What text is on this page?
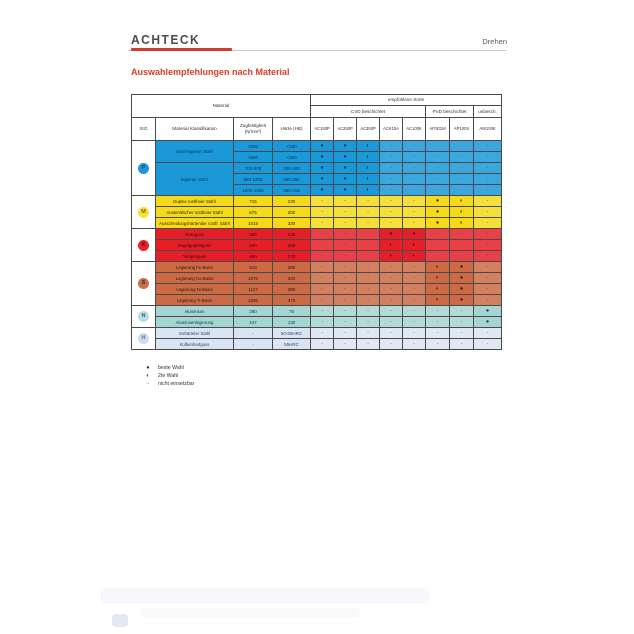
ACHTECK	Drehen
Auswahlempfehlungen nach Material
Material				empfohlene Sorte							
				CVD beschichtet					PVD beschichtet		unbesch.
ISO	Material Klassifikation	Zugfestigkeit (N/mm²)	Härte (HB)	AC150P	AC250P	AC350P	ACK15A	AC100K	AP301M	AP100S	AW100K
P	nicht legierter Stahl	<500	<180	●	●	◐	-	-	-	-	-
		<850	<250	●	●	◐	-	-	-	-	-
	legierter Stahl	700-900	200-300	●	●	◐	-	-	-	-	-
		850-1200	250-350	●	●	◐	-	-	-	-	-
		1200-1400	350-415	●	●	◐	-	-	-	-	-
M	Duplex rostfreier Stahl	715	230	-	-	-	-	-	●	◐	-
	Austenitischer rostfreier Stahl	675	200	-	-	-	-	-	●	◐	-
	Ausscheidungshärtender rostfr. Stahl	1015	330	-	-	-	-	-	●	◐	-
K	Grauguss	250	245	-	-	-	●	●	-	-	-
	Kugelgraphitguss	500	260	-	-	-	◐	◐	-	-	-
	Temperguss	450	270	-	-	-	◐	◐	-	-	-
S	Legierung Fe-Basis	943	280	-	-	-	-	-	◐	●	-
	Legierung Co-Basis	1070	320	-	-	-	-	-	◐	●	-
	Legierung Ni-Basis	1127	380	-	-	-	-	-	◐	●	-
	Legierung Ti-Basis	1260	370	-	-	-	-	-	◐	●	-
N	Aluminium	280	75	-	-	-	-	-	-	-	●
	Aluminiumlegierung	447	130	-	-	-	-	-	-	-	●
H	Gehärteter Stahl	-	50-60HRC	-	-	-	-	-	-	-	-
	Kolbenhartguss	-	55HRC	-	-	-	-	-	-	-	-
●	beste Wahl
◐	2te Wahl
-	nicht einsetzbar
